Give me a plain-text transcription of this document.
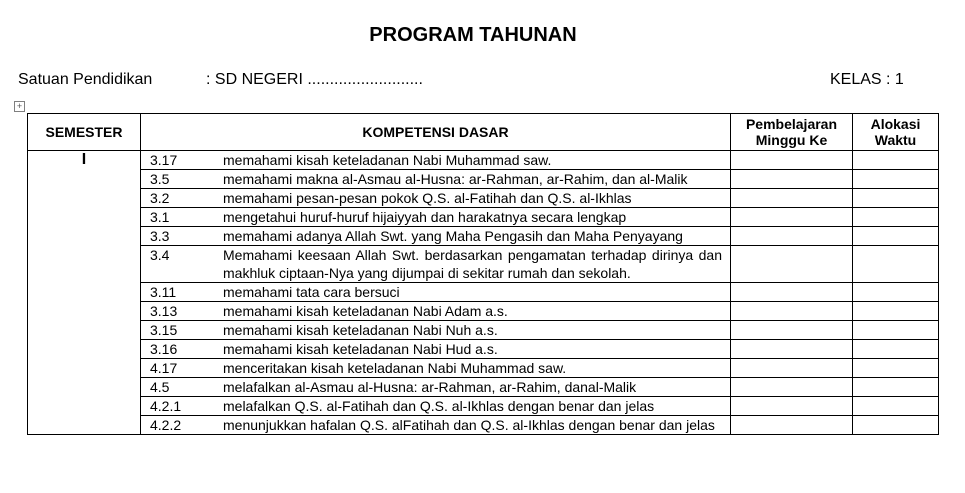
PROGRAM TAHUNAN
Satuan Pendidikan	: SD NEGERI ..........................	KELAS : 1
+
SEMESTER	KOMPETENSI DASAR	Pembelajaran Minggu Ke	Alokasi Waktu
I	3.17 memahami kisah keteladanan Nabi Muhammad saw.		

	3.5 memahami makna al-Asmau al-Husna: ar-Rahman, ar-Rahim, dan al-Malik		

	3.2 memahami pesan-pesan pokok Q.S. al-Fatihah dan Q.S. al-Ikhlas		

	3.1 mengetahui huruf-huruf hijaiyyah dan harakatnya secara lengkap		

	3.3 memahami adanya Allah Swt. yang Maha Pengasih dan Maha Penyayang		

	3.4 Memahami keesaan Allah Swt. berdasarkan pengamatan terhadap dirinya dan makhluk ciptaan-Nya yang dijumpai di sekitar rumah dan sekolah.		

	3.11 memahami tata cara bersuci		

	3.13 memahami kisah keteladanan Nabi Adam a.s.		

	3.15 memahami kisah keteladanan Nabi Nuh a.s.		

	3.16 memahami kisah keteladanan Nabi Hud a.s.		

	4.17 menceritakan kisah keteladanan Nabi Muhammad saw.		

	4.5 melafalkan al-Asmau al-Husna: ar-Rahman, ar-Rahim, danal-Malik		

	4.2.1 melafalkan Q.S. al-Fatihah dan Q.S. al-Ikhlas dengan benar dan jelas		

	4.2.2 menunjukkan hafalan Q.S. alFatihah dan Q.S. al-Ikhlas dengan benar dan jelas		
